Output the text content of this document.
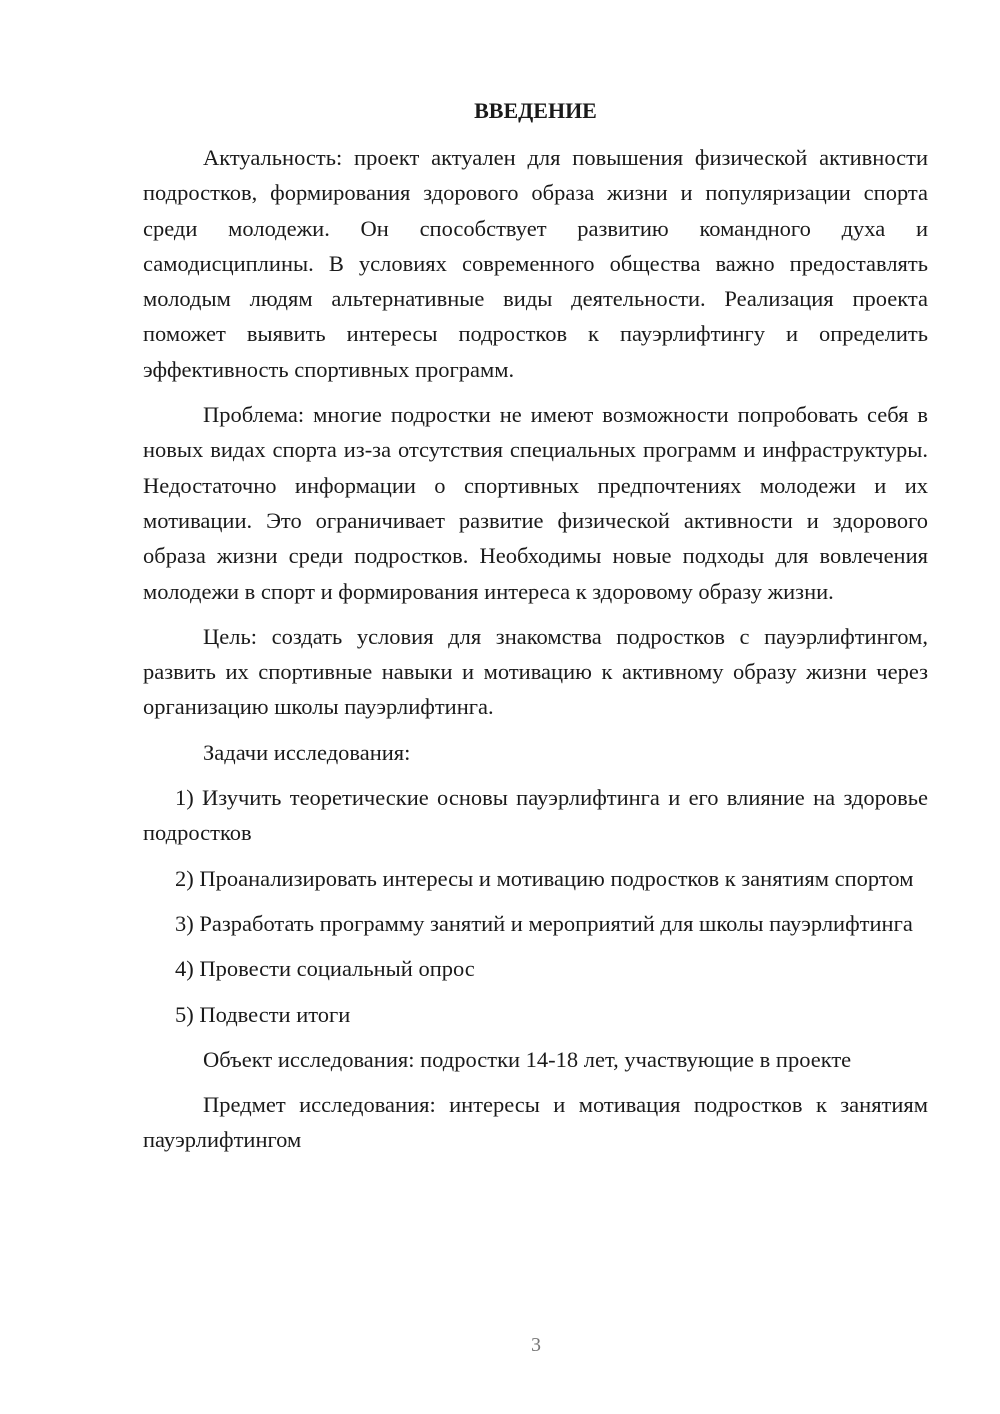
ВВЕДЕНИЕ

Актуальность: проект актуален для повышения физической активности подростков, формирования здорового образа жизни и популяризации спорта среди молодежи. Он способствует развитию командного духа и самодисциплины. В условиях современного общества важно предоставлять молодым людям альтернативные виды деятельности. Реализация проекта поможет выявить интересы подростков к пауэрлифтингу и определить эффективность спортивных программ.

Проблема: многие подростки не имеют возможности попробовать себя в новых видах спорта из-за отсутствия специальных программ и инфраструктуры. Недостаточно информации о спортивных предпочтениях молодежи и их мотивации. Это ограничивает развитие физической активности и здорового образа жизни среди подростков. Необходимы новые подходы для вовлечения молодежи в спорт и формирования интереса к здоровому образу жизни.

Цель: создать условия для знакомства подростков с пауэрлифтингом, развить их спортивные навыки и мотивацию к активному образу жизни через организацию школы пауэрлифтинга.

Задачи исследования:

1) Изучить теоретические основы пауэрлифтинга и его влияние на здоровье подростков

2) Проанализировать интересы и мотивацию подростков к занятиям спортом

3) Разработать программу занятий и мероприятий для школы пауэрлифтинга

4) Провести социальный опрос

5) Подвести итоги

Объект исследования: подростки 14-18 лет, участвующие в проекте

Предмет исследования: интересы и мотивация подростков к занятиям пауэрлифтингом

3
